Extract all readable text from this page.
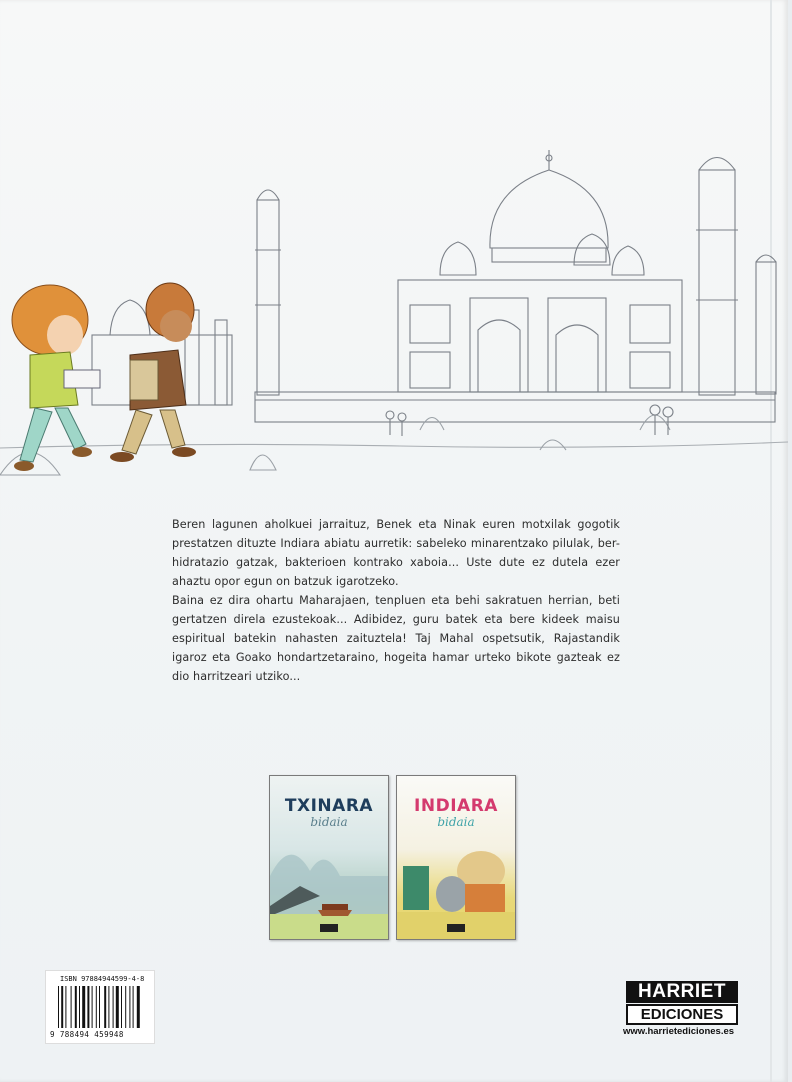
Beren lagunen aholkuei jarraituz, Benek eta Ninak euren motxilak gogotik prestatzen dituzte Indiara abiatu aurretik: sabeleko minarentzako pilulak, ber-hidratazio gatzak, bakterioen kontrako xaboia... Uste dute ez dutela ezer ahaztu opor egun on batzuk igarotzeko.

Baina ez dira ohartu Maharajaen, tenpluen eta behi sakratuen herrian, beti gertatzen direla ezustekoak... Adibidez, guru batek eta bere kideek maisu espiritual batekin nahasten zaituztela! Taj Mahal ospetsutik, Rajastandik igaroz eta Goako hondartzetaraino, hogeita hamar urteko bikote gazteak ez dio harritzeari utziko...

TXINARA
bidaia
INDIARA
bidaia
ISBN 97884944599-4-8
9 788494 459948
HARRIET
EDICIONES
www.harrietediciones.es
